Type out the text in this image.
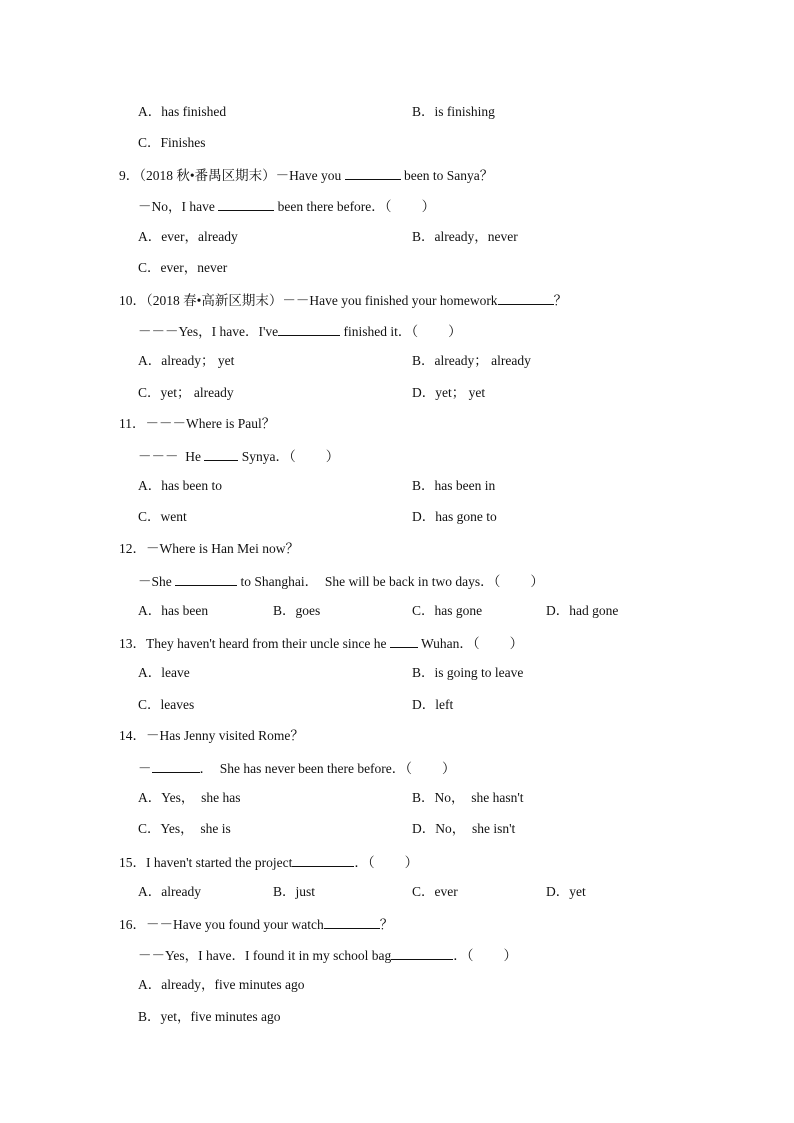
A．has finished	B．is finishing
C．Finishes
9．（2018 秋•番禺区期末）－Have you	been to Sanya？
－No，I have	been there before．（ ）
A．ever，already	B．already，never
C．ever，never
10．（2018 春•高新区期末）－－Have you finished your homework	？
－－－Yes，I have．I've	finished it．（ ）
A．already； yet	B．already； already
C．yet； already	D．yet； yet
11．－－－Where is Paul？
－－－  He	Synya．（ ）
A．has been to	B．has been in
C．went	D．has gone to
12．－Where is Han Mei now？
－She	to Shanghai．  She will be back in two days．（ ）
A．has been	B．goes	C．has gone	D．had gone
13．They haven't heard from their uncle since he  Wuhan．（ ）
A．leave	B．is going to leave
C．leaves	D．left
14．－Has Jenny visited Rome？
－	．  She has never been there before．（ ）
A．Yes，  she has	B．No，  she hasn't
C．Yes，  she is	D．No，  she isn't
15．I haven't started the project	．（ ）
A．already	B．just	C．ever	D．yet
16．－－Have you found your watch	？
－－Yes，I have．I found it in my school bag	．（ ）
A．already，five minutes ago
B．yet，five minutes ago
